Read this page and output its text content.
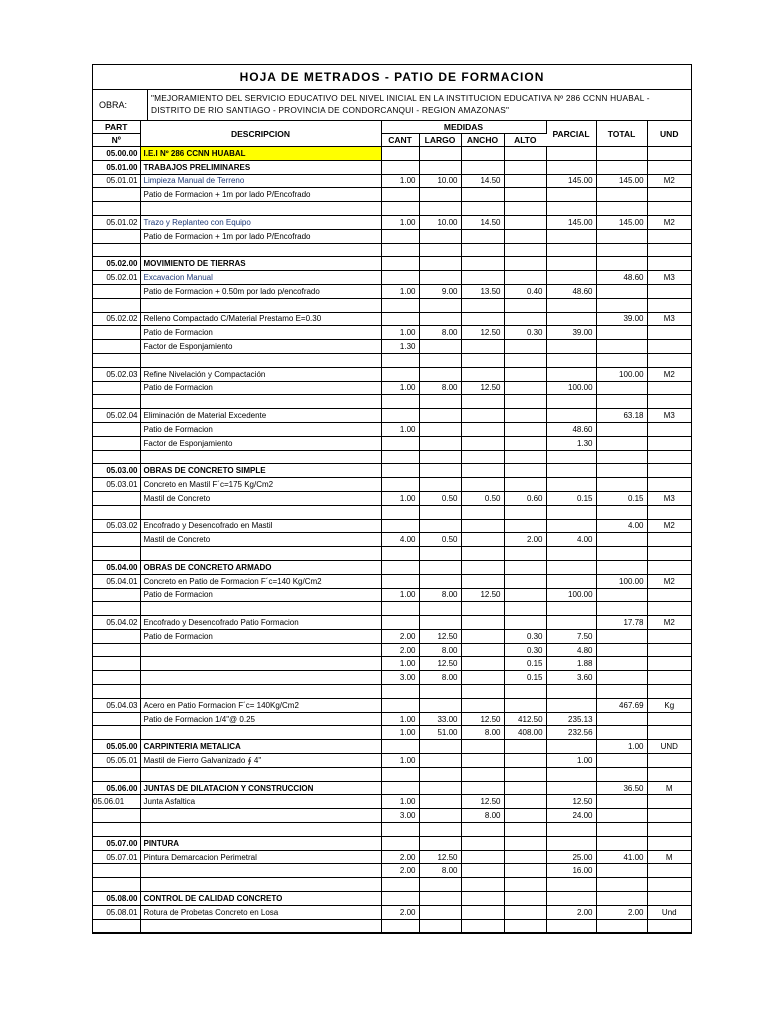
HOJA DE METRADOS - PATIO DE FORMACION
OBRA:
"MEJORAMIENTO DEL SERVICIO EDUCATIVO DEL NIVEL INICIAL EN LA INSTITUCION EDUCATIVA Nº 286 CCNN HUABAL - DISTRITO DE RIO SANTIAGO - PROVINCIA DE CONDORCANQUI - REGION AMAZONAS"
PART	DESCRIPCION	MEDIDAS				PARCIAL	TOTAL	UND
Nº		CANT	LARGO	ANCHO	ALTO			
05.00.00	I.E.I Nº 286 CCNN HUABAL							
05.01.00	TRABAJOS PRELIMINARES							
05.01.01	Limpieza Manual de Terreno	1.00	10.00	14.50		145.00	145.00	M2
	Patio de Formacion + 1m por lado P/Encofrado							

05.01.02	Trazo y Replanteo con Equipo	1.00	10.00	14.50		145.00	145.00	M2
	Patio de Formacion + 1m por lado P/Encofrado							

05.02.00	MOVIMIENTO DE TIERRAS							
05.02.01	Excavacion Manual						48.60	M3
	Patio de Formacion + 0.50m por lado p/encofrado	1.00	9.00	13.50	0.40	48.60		

05.02.02	Relleno Compactado C/Material Prestamo E=0.30						39.00	M3
	Patio de Formacion	1.00	8.00	12.50	0.30	39.00		
	Factor de Esponjamiento	1.30						

05.02.03	Refine Nivelación y Compactación						100.00	M2
	Patio de Formacion	1.00	8.00	12.50		100.00		

05.02.04	Eliminación de Material Excedente						63.18	M3
	Patio de Formacion	1.00				48.60		
	Factor de Esponjamiento					1.30		

05.03.00	OBRAS DE CONCRETO SIMPLE							
05.03.01	Concreto en Mastil F´c=175 Kg/Cm2							
	Mastil de Concreto	1.00	0.50	0.50	0.60	0.15	0.15	M3

05.03.02	Encofrado y Desencofrado en Mastil						4.00	M2
	Mastil de Concreto	4.00	0.50		2.00	4.00		

05.04.00	OBRAS DE CONCRETO ARMADO							
05.04.01	Concreto en Patio de Formacion F´c=140 Kg/Cm2						100.00	M2
	Patio de Formacion	1.00	8.00	12.50		100.00		

05.04.02	Encofrado y Desencofrado Patio Formacion						17.78	M2
	Patio de Formacion	2.00	12.50		0.30	7.50		
		2.00	8.00		0.30	4.80		
		1.00	12.50		0.15	1.88		
		3.00	8.00		0.15	3.60		

05.04.03	Acero en Patio Formacion F´c= 140Kg/Cm2						467.69	Kg
	Patio de Formacion 1/4"@ 0.25	1.00	33.00	12.50	412.50	235.13		
		1.00	51.00	8.00	408.00	232.56		
05.05.00	CARPINTERIA METALICA						1.00	UND
05.05.01	Mastil de Fierro Galvanizado ∮ 4"	1.00				1.00		

05.06.00	JUNTAS DE DILATACION Y CONSTRUCCION						36.50	M
05.06.01	Junta Asfaltica	1.00		12.50		12.50		
		3.00		8.00		24.00		

05.07.00	PINTURA							
05.07.01	Pintura Demarcacion Perimetral	2.00	12.50			25.00	41.00	M
		2.00	8.00			16.00		

05.08.00	CONTROL DE CALIDAD CONCRETO							
05.08.01	Rotura de Probetas Concreto en Losa	2.00				2.00	2.00	Und
